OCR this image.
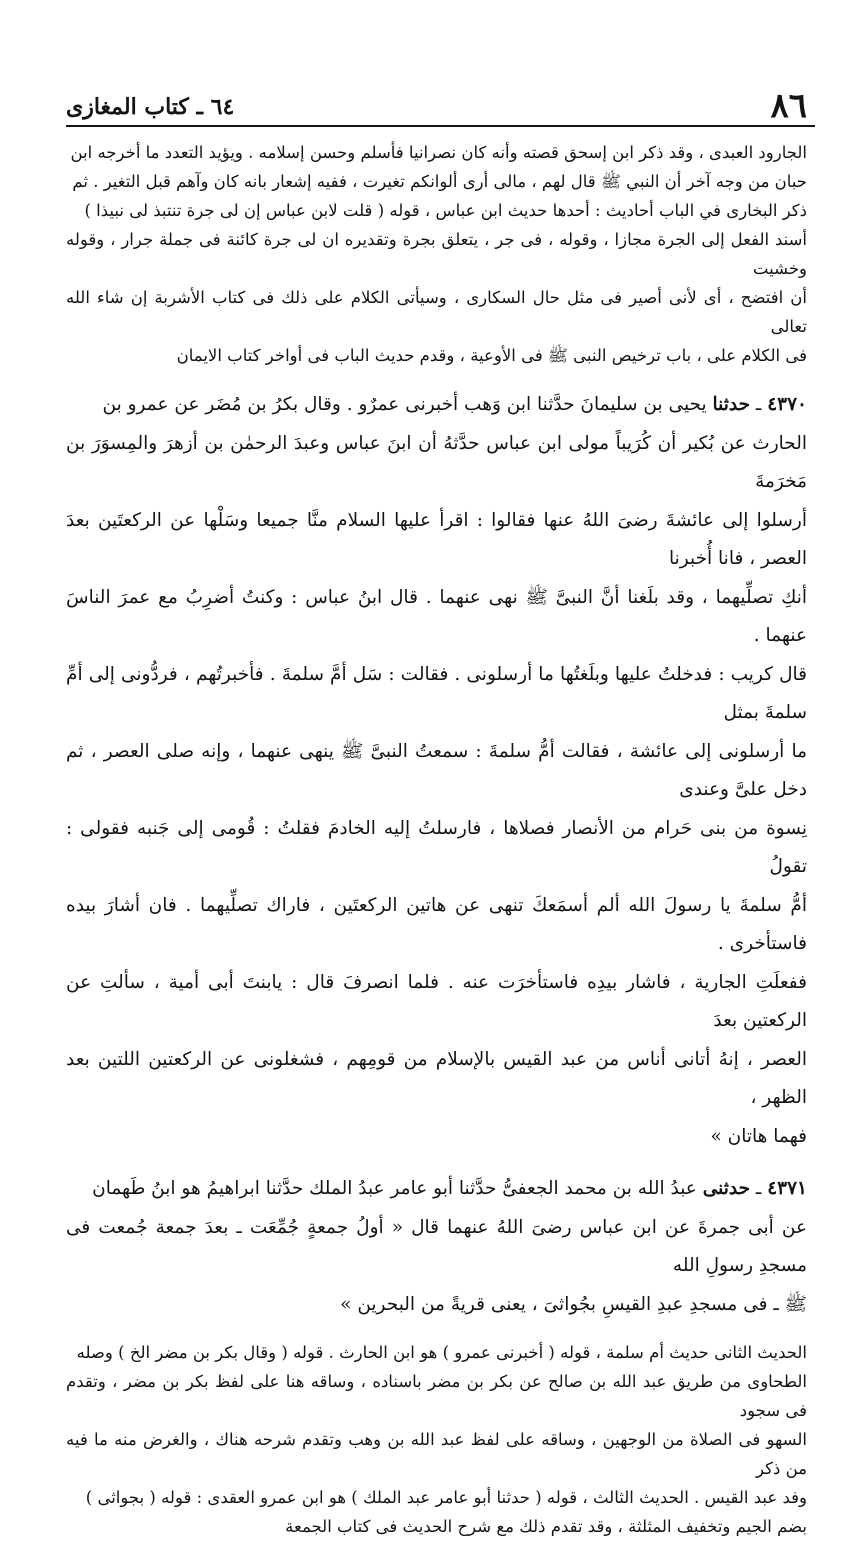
٨٦
٦٤ ـ كتاب المغازى
الجارود العبدى ، وقد ذكر ابن إسحق قصته وأنه كان نصرانيا فأسلم وحسن إسلامه . ويؤيد التعدد ما أخرجه ابن
حبان من وجه آخر أن النبي ﷺ قال لهم ، مالى أرى ألوانكم تغيرت ، ففيه إشعار بانه كان وآهم قبل التغير . ثم
ذكر البخارى في الباب أحاديث : أحدها حديث ابن عباس ، قوله ( قلت لابن عباس إن لى جرة تنتبذ لى نبيذا )
أسند الفعل إلى الجرة مجازا ، وقوله ، فى جر ، يتعلق بجرة وتقديره ان لى جرة كائنة فى جملة جرار ، وقوله وخشيت
أن افتضح ، أى لأنى أصير فى مثل حال السكارى ، وسيأتى الكلام على ذلك فى كتاب الأشربة إن شاء الله تعالى
فى الكلام على ، باب ترخيص النبى ﷺ فى الأوعية ، وقدم حديث الباب فى أواخر كتاب الايمان
٤٣٧٠ ـ حدثنا يحيى بن سليمانَ حدَّثنا ابن وَهب أخبرنى عمرٌو . وقال بكرُ بن مُضَر عن عمرو بن
الحارث عن بُكير أن كُرَيباً مولى ابن عباس حدَّثهُ أن ابنَ عباس وعبدَ الرحمٰن بن أزهرَ والمِسوَرَ بن مَخرَمةَ
أرسلوا إلى عائشةَ رضىَ اللهُ عنها فقالوا : اقرأ عليها السلام منَّا جميعا وسَلْها عن الركعتَين بعدَ العصر ، فانا أُخبرنا
أنكِ تصلِّيهما ، وقد بلَغنا أنَّ النبىَّ ﷺ نهى عنهما . قال ابنُ عباس : وكنتُ أضرِبُ مع عمرَ الناسَ عنهما .
قال كريب : فدخلتُ عليها وبلَغتُها ما أرسلونى . فقالت : سَل أمَّ سلمةَ . فأخبرتُهم ، فردُّونى إلى أمِّ سلمةَ بمثل
ما أرسلونى إلى عائشة ، فقالت أمُّ سلمةَ : سمعتُ النبىَّ ﷺ ينهى عنهما ، وإنه صلى العصر ، ثم دخل علىَّ وعندى
نِسوة من بنى حَرام من الأنصار فصلاها ، فارسلتُ إليه الخادمَ فقلتُ : قُومى إلى جَنبه فقولى : تقولُ
أمُّ سلمةَ يا رسولَ الله ألم أسمَعكَ تنهى عن هاتين الركعتَين ، فاراك تصلِّيهما . فان أشارَ بيده فاستأخرى .
ففعلَتِ الجارية ، فاشار بيدِه فاستأخرَت عنه . فلما انصرفَ قال : يابنتَ أبى أمية ، سألتِ عن الركعتين بعدَ
العصر ، إنهُ أتانى أناس من عبد القيس بالإسلام من قومِهم ، فشغلونى عن الركعتين اللتين بعد الظهر ،
فهما هاتان »
٤٣٧١ ـ حدثنى عبدُ الله بن محمد الجعفىُّ حدَّثنا أبو عامر عبدُ الملك حدَّثنا ابراهيمُ هو ابنُ طَهمان
عن أبى جمرةَ عن ابن عباس رضىَ اللهُ عنهما قال « أولُ جمعةٍ جُمِّعَت ـ بعدَ جمعة جُمعت فى مسجدِ رسولِ الله
ﷺ ـ فى مسجدِ عبدِ القيسِ بجُواثىَ ، يعنى قريةً من البحرين »
الحديث الثانى حديث أم سلمة ، قوله ( أخبرنى عمرو ) هو ابن الحارث . قوله ( وقال بكر بن مضر الخ ) وصله
الطحاوى من طريق عبد الله بن صالح عن بكر بن مضر باسناده ، وساقه هنا على لفظ بكر بن مضر ، وتقدم فى سجود
السهو فى الصلاة من الوجهين ، وساقه على لفظ عبد الله بن وهب وتقدم شرحه هناك ، والغرض منه ما فيه من ذكر
وفد عبد القيس . الحديث الثالث ، قوله ( حدثنا أبو عامر عبد الملك ) هو ابن عمرو العقدى : قوله ( بجواثى )
بضم الجيم وتخفيف المثلثة ، وقد تقدم ذلك مع شرح الحديث فى كتاب الجمعة
